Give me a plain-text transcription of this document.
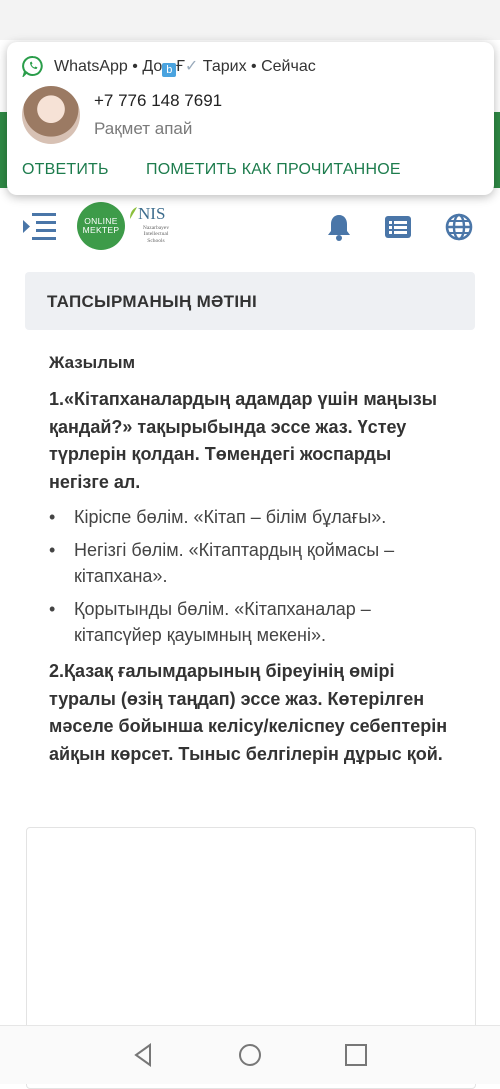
ONLINE
MEKTEP
NIS
Nazarbayev
Intellectual
Schools
WhatsApp • До b Ғ✓ Тарих • Сейчас
+7 776 148 7691
Рақмет апай
ОТВЕТИТЬ ПОМЕТИТЬ КАК ПРОЧИТАННОЕ
ТАПСЫРМАНЫҢ МӘТІНІ

Жазылым

1.«Кітапханалардың адамдар үшін маңызы қандай?» тақырыбында эссе жаз. Үстеу түрлерін қолдан. Төмендегі жоспарды негізге ал.

• Кіріспе бөлім. «Кітап – білім бұлағы».
• Негізгі бөлім. «Кітаптардың қоймасы – кітапхана».
• Қорытынды бөлім. «Кітапханалар – кітапсүйер қауымның мекені».

2.Қазақ ғалымдарының біреуінің өмірі туралы (өзің таңдап) эссе жаз. Көтерілген мәселе бойынша келісу/келіспеу себептерін айқын көрсет. Тыныс белгілерін дұрыс қой.
